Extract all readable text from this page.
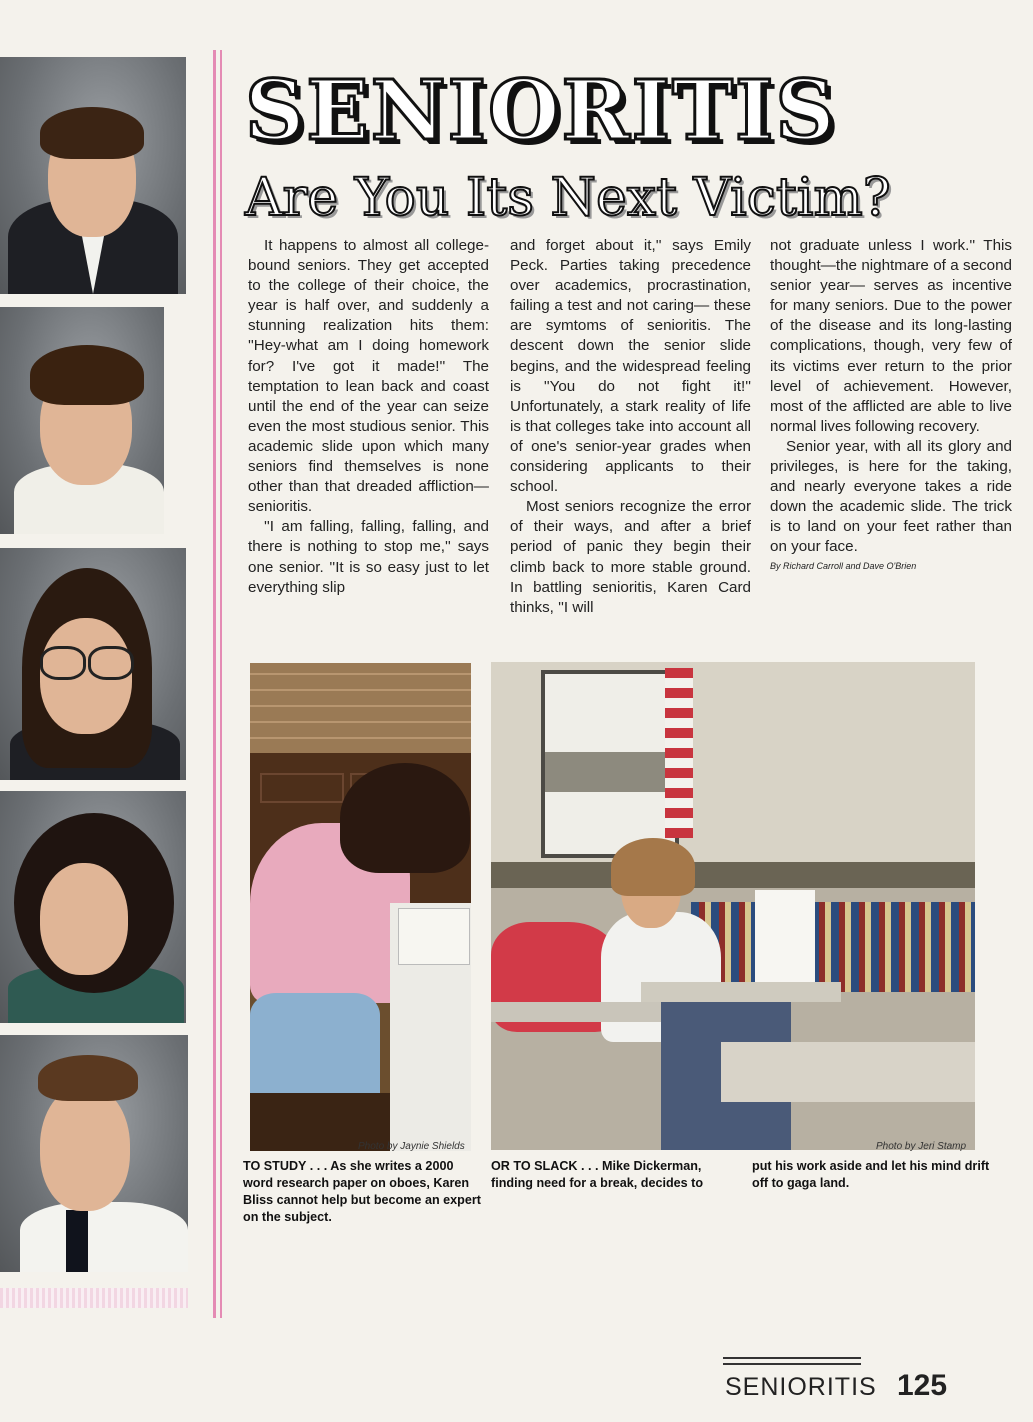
SENIORITIS
Are You Its Next Victim?

It happens to almost all college-bound seniors. They get accepted to the college of their choice, the year is half over, and suddenly a stunning realization hits them: ''Hey-what am I doing homework for? I've got it made!'' The temptation to lean back and coast until the end of the year can seize even the most studious senior. This academic slide upon which many seniors find themselves is none other than that dreaded affliction— senioritis.

''I am falling, falling, falling, and there is nothing to stop me,'' says one senior. ''It is so easy just to let everything slip

and forget about it,'' says Emily Peck. Parties taking precedence over academics, procrastination, failing a test and not caring— these are symtoms of senioritis. The descent down the senior slide begins, and the widespread feeling is ''You do not fight it!'' Unfortunately, a stark reality of life is that colleges take into account all of one's senior-year grades when considering applicants to their school.

Most seniors recognize the error of their ways, and after a brief period of panic they begin their climb back to more stable ground. In battling senioritis, Karen Card thinks, ''I will

not graduate unless I work.'' This thought—the nightmare of a second senior year— serves as incentive for many seniors. Due to the power of the disease and its long-lasting complications, though, very few of its victims ever return to the prior level of achievement. However, most of the afflicted are able to live normal lives following recovery.

Senior year, with all its glory and privileges, is here for the taking, and nearly everyone takes a ride down the academic slide. The trick is to land on your feet rather than on your face.

By Richard Carroll and Dave O'Brien
Photo by Jaynie Shields	Photo by Jeri Stamp
TO STUDY . . . As she writes a 2000 word research paper on oboes, Karen Bliss cannot help but become an expert on the subject.
OR TO SLACK . . . Mike Dickerman, finding need for a break, decides to
put his work aside and let his mind drift off to gaga land.
SENIORITIS 125
